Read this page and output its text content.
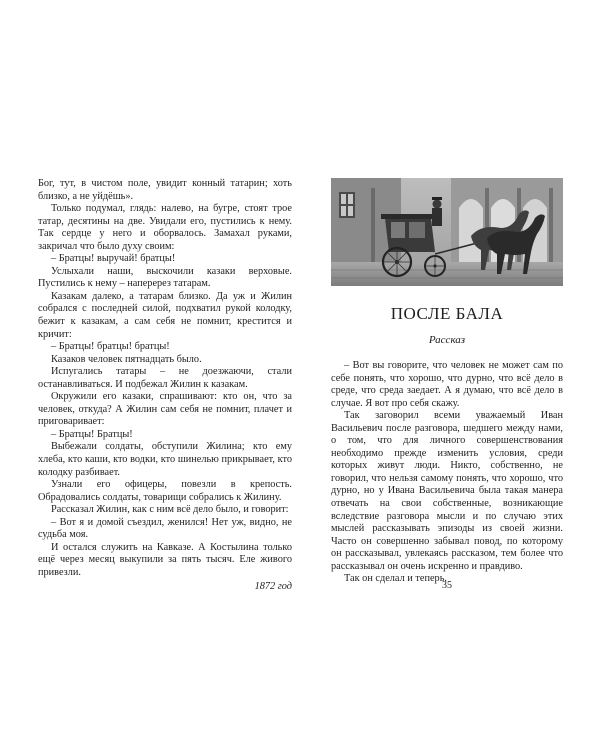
Бог, тут, в чистом поле, увидит конный татарин; хоть близко, а не уйдёшь».

Только подумал, глядь: налево, на бугре, стоят трое татар, десятины на две. Увидали его, пустились к нему. Так сердце у него и оборвалось. Замахал руками, закричал что было духу своим:

– Братцы! выручай! братцы!

Услыхали наши, выскочили казаки верховые. Пустились к нему – наперерез татарам.

Казакам далеко, а татарам близко. Да уж и Жилин собрался с последней силой, подхватил рукой колодку, бежит к казакам, а сам себя не помнит, крестится и кричит:

– Братцы! братцы! братцы!

Казаков человек пятнадцать было.

Испугались татары – не доезжаючи, стали останавливаться. И подбежал Жилин к казакам.

Окружили его казаки, спрашивают: кто он, что за человек, откуда? А Жилин сам себя не помнит, плачет и приговаривает:

– Братцы! Братцы!

Выбежали солдаты, обступили Жилина; кто ему хлеба, кто каши, кто водки, кто шинелью прикрывает, кто колодку разбивает.

Узнали его офицеры, повезли в крепость. Обрадовались солдаты, товарищи собрались к Жилину.

Рассказал Жилин, как с ним всё дело было, и говорит:

– Вот я и домой съездил, женился! Нет уж, видно, не судьба моя.

И остался служить на Кавказе. А Костылина только ещё через месяц выкупили за пять тысяч. Еле живого привезли.

1872 год

ПОСЛЕ БАЛА

Рассказ

– Вот вы говорите, что человек не может сам по себе понять, что хорошо, что дурно, что всё дело в среде, что среда заедает. А я думаю, что всё дело в случае. Я вот про себя скажу.

Так заговорил всеми уважаемый Иван Васильевич после разговора, шедшего между нами, о том, что для личного совершенствования необходимо прежде изменить условия, среди которых живут люди. Никто, собственно, не говорил, что нельзя самому понять, что хорошо, что дурно, но у Ивана Васильевича была такая манера отвечать на свои собственные, возникающие вследствие разговора мысли и по случаю этих мыслей рассказывать эпизоды из своей жизни. Часто он совершенно забывал повод, по которому он рассказывал, увлекаясь рассказом, тем более что рассказывал он очень искренно и правдиво.

Так он сделал и теперь.

35
